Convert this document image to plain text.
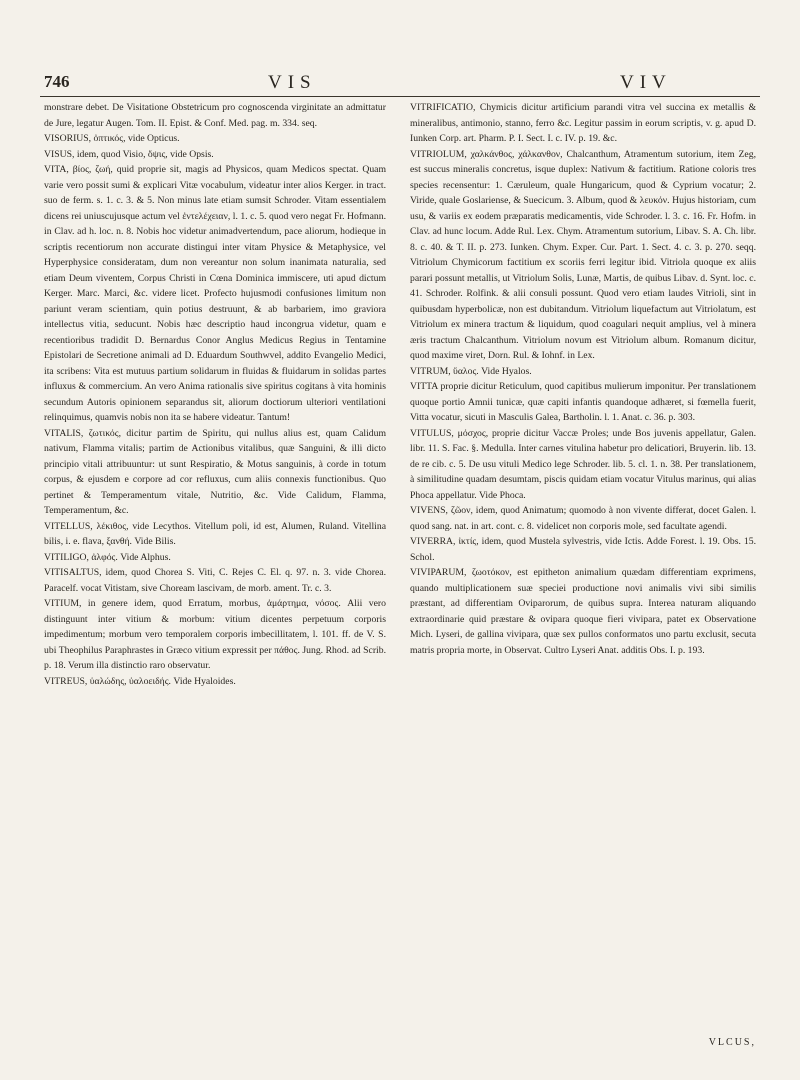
746	VIS	VIV

monstrare debet. De Visitatione Obstetricum pro cognoscenda virginitate an admittatur de Jure, legatur Augen. Tom. II. Epist. & Conf. Med. pag. m. 334. seq.

VISORIUS, ὀπτικός, vide Opticus.

VISUS, idem, quod Visio, ὄψις, vide Opsis.

VITA, βίος, ζωή, quid proprie sit, magis ad Physicos, quam Medicos spectat. Quam varie vero possit sumi & explicari Vitæ vocabulum, videatur inter alios Kerger. in tract. suo de ferm. s. 1. c. 3. & 5. Non minus late etiam sumsit Schroder. Vitam essentialem dicens rei uniuscujusque actum vel ἐντελέχειαν, l. 1. c. 5. quod vero negat Fr. Hofmann. in Clav. ad h. loc. n. 8. Nobis hoc videtur animadvertendum, pace aliorum, hodieque in scriptis recentiorum non accurate distingui inter vitam Physice & Metaphysice, vel Hyperphysice consideratam, dum non vereantur non solum inanimata naturalia, sed etiam Deum viventem, Corpus Christi in Cœna Dominica immiscere, uti apud dictum Kerger. Marc. Marci, &c. videre licet. Profecto hujusmodi confusiones limitum non pariunt veram scientiam, quin potius destruunt, & ab barbariem, imo graviora intellectus vitia, seducunt. Nobis hæc descriptio haud incongrua videtur, quam e recentioribus tradidit D. Bernardus Conor Anglus Medicus Regius in Tentamine Epistolari de Secretione animali ad D. Eduardum Southwvel, addito Evangelio Medici, ita scribens: Vita est mutuus partium solidarum in fluidas & fluidarum in solidas partes influxus & commercium. An vero Anima rationalis sive spiritus cogitans à vita hominis secundum Autoris opinionem separandus sit, aliorum doctiorum ulteriori ventilationi relinquimus, quamvis nobis non ita se habere videatur. Tantum!

VITALIS, ζωτικός, dicitur partim de Spiritu, qui nullus alius est, quam Calidum nativum, Flamma vitalis; partim de Actionibus vitalibus, quæ Sanguini, & illi dicto principio vitali attribuuntur: ut sunt Respiratio, & Motus sanguinis, à corde in totum corpus, & ejusdem e corpore ad cor refluxus, cum aliis connexis functionibus. Quo pertinet & Temperamentum vitale, Nutritio, &c. Vide Calidum, Flamma, Temperamentum, &c.

VITELLUS, λέκιθος, vide Lecythos. Vitellum poli, id est, Alumen, Ruland. Vitellina bilis, i. e. flava, ξανθή. Vide Bilis.

VITILIGO, ἀλφός. Vide Alphus.

VITISALTUS, idem, quod Chorea S. Viti, C. Rejes C. El. q. 97. n. 3. vide Chorea. Paracelf. vocat Vitistam, sive Choream lascivam, de morb. ament. Tr. c. 3.

VITIUM, in genere idem, quod Erratum, morbus, ἁμάρτημα, νόσος. Alii vero distinguunt inter vitium & morbum: vitium dicentes perpetuum corporis impedimentum; morbum vero temporalem corporis imbecillitatem, l. 101. ff. de V. S. ubi Theophilus Paraphrastes in Græco vitium expressit per πάθος. Jung. Rhod. ad Scrib. p. 18. Verum illa distinctio raro observatur.

VITREUS, ὑαλώδης, ὑαλοειδής. Vide Hyaloides.

VITRIFICATIO, Chymicis dicitur artificium parandi vitra vel succina ex metallis & mineralibus, antimonio, stanno, ferro &c. Legitur passim in eorum scriptis, v. g. apud D. Iunken Corp. art. Pharm. P. I. Sect. I. c. IV. p. 19. &c.

VITRIOLUM, χαλκάνθος, χάλκανθον, Chalcanthum, Atramentum sutorium, item Zeg, est succus mineralis concretus, isque duplex: Nativum & factitium. Ratione coloris tres species recensentur: 1. Cæruleum, quale Hungaricum, quod & Cyprium vocatur; 2. Viride, quale Goslariense, & Suecicum. 3. Album, quod & λευκόν. Hujus historiam, cum usu, & variis ex eodem præparatis medicamentis, vide Schroder. l. 3. c. 16. Fr. Hofm. in Clav. ad hunc locum. Adde Rul. Lex. Chym. Atramentum sutorium, Libav. S. A. Ch. libr. 8. c. 40. & T. II. p. 273. Iunken. Chym. Exper. Cur. Part. 1. Sect. 4. c. 3. p. 270. seqq. Vitriolum Chymicorum factitium ex scoriis ferri legitur ibid. Vitriola quoque ex aliis parari possunt metallis, ut Vitriolum Solis, Lunæ, Martis, de quibus Libav. d. Synt. loc. c. 41. Schroder. Rolfink. & alii consuli possunt. Quod vero etiam laudes Vitrioli, sint in quibusdam hyperbolicæ, non est dubitandum. Vitriolum liquefactum aut Vitriolatum, est Vitriolum ex minera tractum & liquidum, quod coagulari nequit amplius, vel à minera æris tractum Chalcanthum. Vitriolum novum est Vitriolum album. Romanum dicitur, quod maxime viret, Dorn. Rul. & Iohnf. in Lex.

VITRUM, ὕαλος. Vide Hyalos.

VITTA proprie dicitur Reticulum, quod capitibus mulierum imponitur. Per translationem quoque portio Amnii tunicæ, quæ capiti infantis quandoque adhæret, si fœmella fuerit, Vitta vocatur, sicuti in Masculis Galea, Bartholin. l. 1. Anat. c. 36. p. 303.

VITULUS, μόσχος, proprie dicitur Vaccæ Proles; unde Bos juvenis appellatur, Galen. libr. 11. S. Fac. §. Medulla. Inter carnes vitulina habetur pro delicatiori, Bruyerin. lib. 13. de re cib. c. 5. De usu vituli Medico lege Schroder. lib. 5. cl. 1. n. 38. Per translationem, à similitudine quadam desumtam, piscis quidam etiam vocatur Vitulus marinus, qui alias Phoca appellatur. Vide Phoca.

VIVENS, ζῶον, idem, quod Animatum; quomodo à non vivente differat, docet Galen. l. quod sang. nat. in art. cont. c. 8. videlicet non corporis mole, sed facultate agendi.

VIVERRA, ἰκτίς, idem, quod Mustela sylvestris, vide Ictis. Adde Forest. l. 19. Obs. 15. Schol.

VIVIPARUM, ζωοτόκον, est epitheton animalium quædam differentiam exprimens, quando multiplicationem suæ speciei productione novi animalis vivi sibi similis præstant, ad differentiam Oviparorum, de quibus supra. Interea naturam aliquando extraordinarie quid præstare & ovipara quoque fieri vivipara, patet ex Observatione Mich. Lyseri, de gallina vivipara, quæ sex pullos conformatos uno partu exclusit, secuta matris propria morte, in Observat. Cultro Lyseri Anat. additis Obs. I. p. 193.

VLCUS,
